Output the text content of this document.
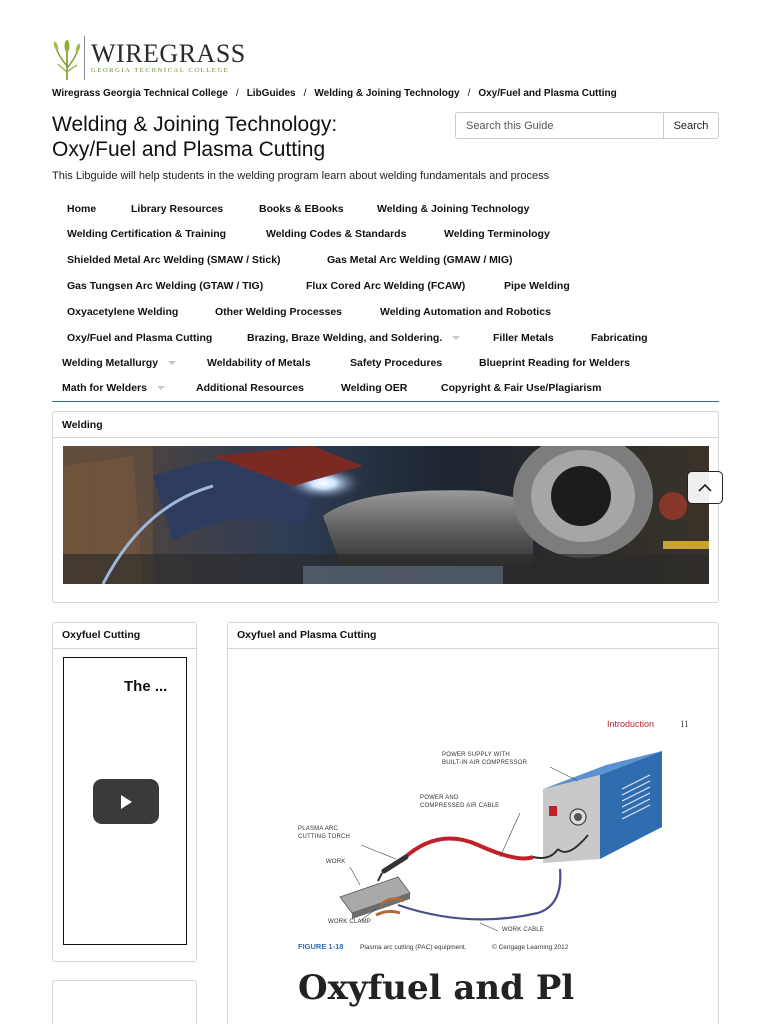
WIREGRASS
GEORGIA TECHNICAL COLLEGE
Wiregrass Georgia Technical College / LibGuides / Welding & Joining Technology / Oxy/Fuel and Plasma Cutting
Welding & Joining Technology:
Oxy/Fuel and Plasma Cutting
Search this Guide
Search
This Libguide will help students in the welding program learn about welding fundamentals and process
Home	Library Resources	Books & EBooks	Welding & Joining Technology
Welding Certification & Training	Welding Codes & Standards	Welding Terminology
Shielded Metal Arc Welding (SMAW / Stick)	Gas Metal Arc Welding (GMAW / MIG)
Gas Tungsen Arc Welding (GTAW / TIG)	Flux Cored Arc Welding (FCAW)	Pipe Welding
Oxyacetylene Welding	Other Welding Processes	Welding Automation and Robotics
Oxy/Fuel and Plasma Cutting	Brazing, Braze Welding, and Soldering.	Filler Metals	Fabricating
Welding Metallurgy	Weldability of Metals	Safety Procedures	Blueprint Reading for Welders
Math for Welders	Additional Resources	Welding OER	Copyright & Fair Use/Plagiarism
Welding
Oxyfuel Cutting
The ...
Oxyfuel and Plasma Cutting
Introduction	11
POWER SUPPLY WITH
BUILT-IN AIR COMPRESSOR
POWER AND
COMPRESSED AIR CABLE
PLASMA ARC
CUTTING TORCH
WORK
WORK CLAMP
WORK CABLE
FIGURE 1-18	Plasma arc cutting (PAC) equipment.	© Cengage Learning 2012
Oxyfuel and Pl
